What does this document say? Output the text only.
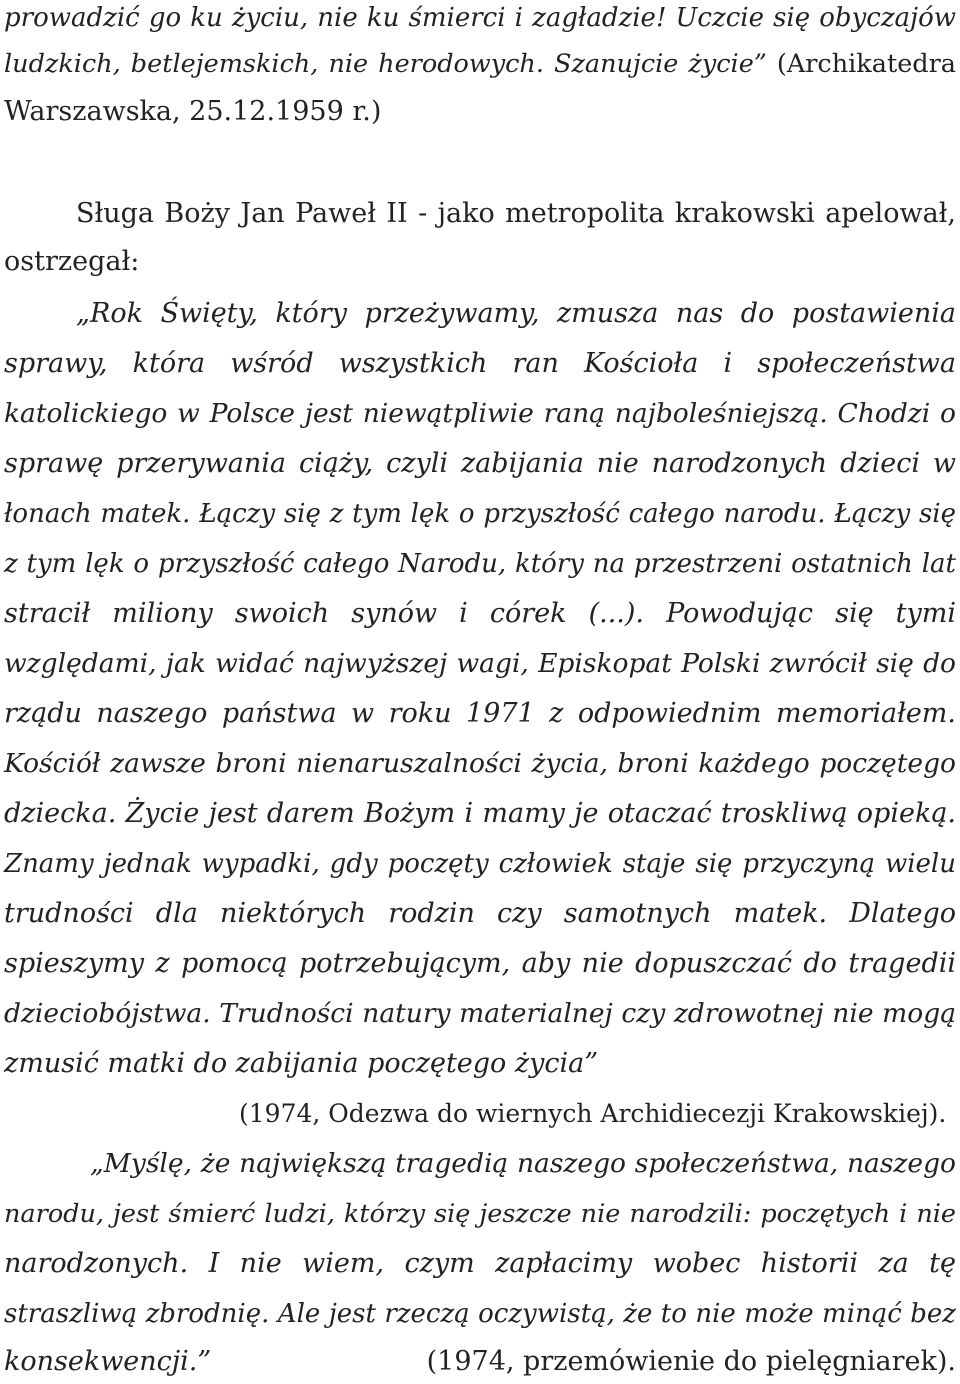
prowadzić go ku życiu, nie ku śmierci i zagładzie! Uczcie się obyczajów
ludzkich, betlejemskich, nie herodowych. Szanujcie życie” (Archikatedra
Warszawska, 25.12.1959 r.)
Sługa Boży Jan Paweł II - jako metropolita krakowski apelował,
ostrzegał:
„Rok Święty, który przeżywamy, zmusza nas do postawienia
sprawy, która wśród wszystkich ran Kościoła i społeczeństwa
katolickiego w Polsce jest niewątpliwie raną najboleśniejszą. Chodzi o
sprawę przerywania ciąży, czyli zabijania nie narodzonych dzieci w
łonach matek. Łączy się z tym lęk o przyszłość całego narodu. Łączy się
z tym lęk o przyszłość całego Narodu, który na przestrzeni ostatnich lat
stracił miliony swoich synów i córek (...). Powodując się tymi
względami, jak widać najwyższej wagi, Episkopat Polski zwrócił się do
rządu naszego państwa w roku 1971 z odpowiednim memoriałem.
Kościół zawsze broni nienaruszalności życia, broni każdego poczętego
dziecka. Życie jest darem Bożym i mamy je otaczać troskliwą opieką.
Znamy jednak wypadki, gdy poczęty człowiek staje się przyczyną wielu
trudności dla niektórych rodzin czy samotnych matek. Dlatego
spieszymy z pomocą potrzebującym, aby nie dopuszczać do tragedii
dzieciobójstwa. Trudności natury materialnej czy zdrowotnej nie mogą
zmusić matki do zabijania poczętego życia”
(1974, Odezwa do wiernych Archidiecezji Krakowskiej).
„Myślę, że największą tragedią naszego społeczeństwa, naszego
narodu, jest śmierć ludzi, którzy się jeszcze nie narodzili: poczętych i nie
narodzonych. I nie wiem, czym zapłacimy wobec historii za tę
straszliwą zbrodnię. Ale jest rzeczą oczywistą, że to nie może minąć bez
konsekwencji.”	(1974, przemówienie do pielęgniarek).
